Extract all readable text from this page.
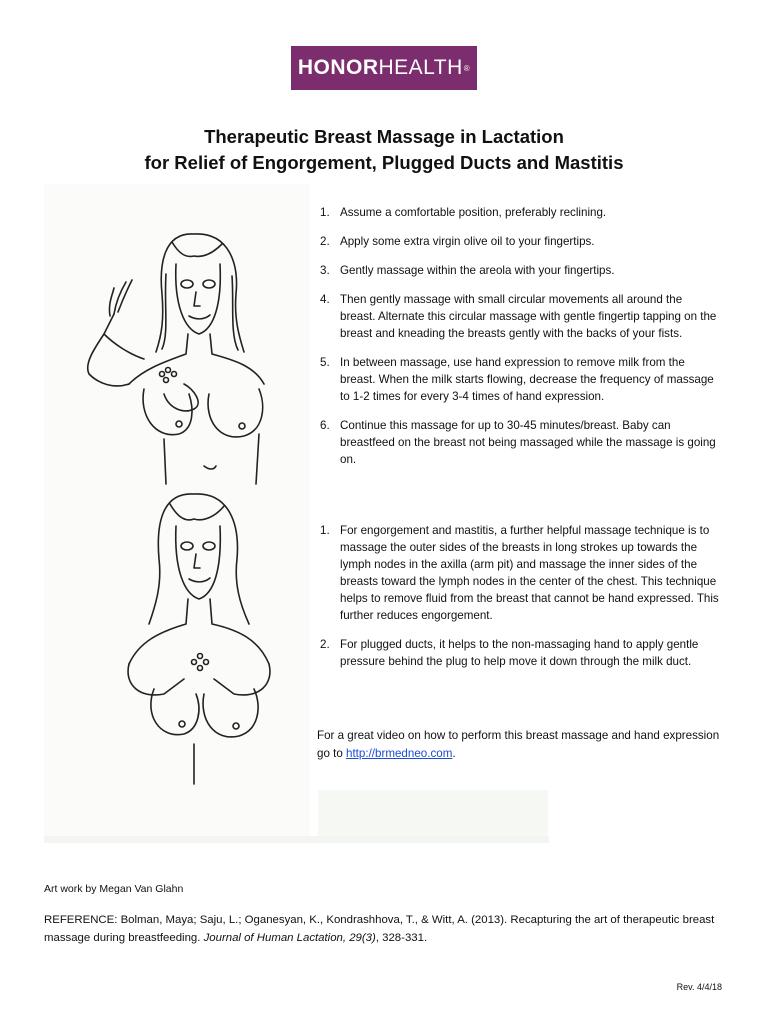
HONOR HEALTH ®
Therapeutic Breast Massage in Lactation
for Relief of Engorgement, Plugged Ducts and Mastitis
1. Assume a comfortable position, preferably reclining.
2. Apply some extra virgin olive oil to your fingertips.
3. Gently massage within the areola with your fingertips.
4. Then gently massage with small circular movements all around the breast. Alternate this circular massage with gentle fingertip tapping on the breast and kneading the breasts gently with the backs of your fists.
5. In between massage, use hand expression to remove milk from the breast. When the milk starts flowing, decrease the frequency of massage to 1-2 times for every 3-4 times of hand expression.
6. Continue this massage for up to 30-45 minutes/breast. Baby can breastfeed on the breast not being massaged while the massage is going on.
1. For engorgement and mastitis, a further helpful massage technique is to massage the outer sides of the breasts in long strokes up towards the lymph nodes in the axilla (arm pit) and massage the inner sides of the breasts toward the lymph nodes in the center of the chest. This technique helps to remove fluid from the breast that cannot be hand expressed. This further reduces engorgement.
2. For plugged ducts, it helps to the non-massaging hand to apply gentle pressure behind the plug to help move it down through the milk duct.
For a great video on how to perform this breast massage and hand expression go to http://brmedneo.com.
Art work by Megan Van Glahn
REFERENCE: Bolman, Maya; Saju, L.; Oganesyan, K., Kondrashhova, T., & Witt, A. (2013). Recapturing the art of therapeutic breast massage during breastfeeding. Journal of Human Lactation, 29(3), 328-331.
Rev. 4/4/18
